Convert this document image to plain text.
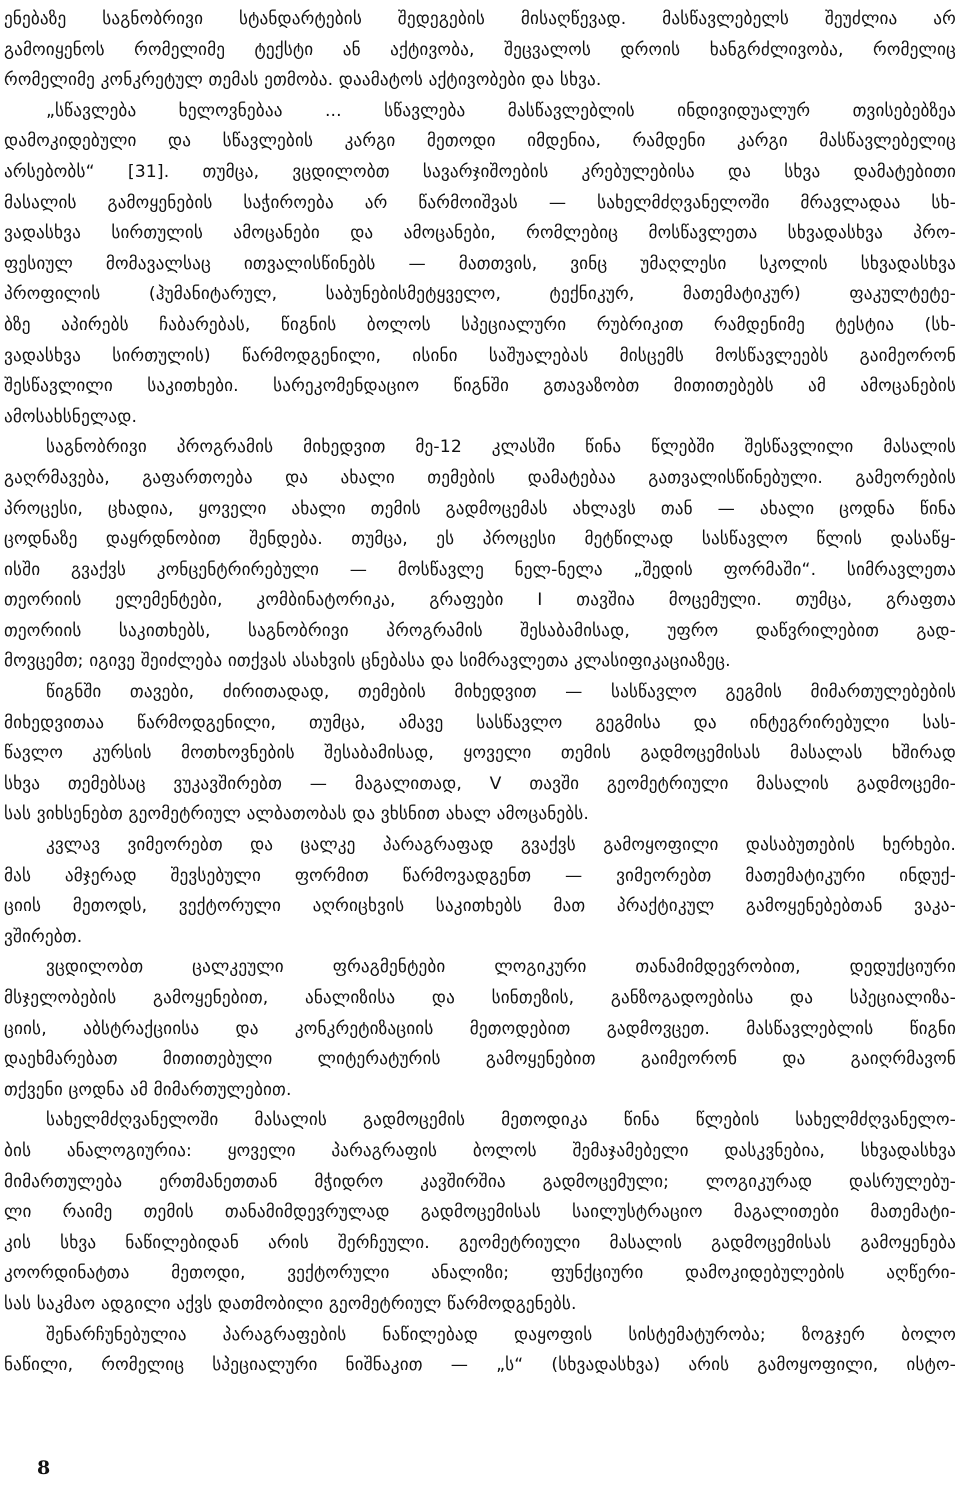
ენებაზე საგნობრივი სტანდარტების შედეგების მისაღწევად. მასწავლებელს შეუძლია არ
გამოიყენოს რომელიმე ტექსტი ან აქტივობა, შეცვალოს დროის ხანგრძლივობა, რომელიც
რომელიმე კონკრეტულ თემას ეთმობა. დაამატოს აქტივობები და სხვა.
„სწავლება ხელოვნებაა ... სწავლება მასწავლებლის ინდივიდუალურ თვისებებზეა
დამოკიდებული და სწავლების კარგი მეთოდი იმდენია, რამდენი კარგი მასწავლებელიც
არსებობს“ [31]. თუმცა, ვცდილობთ სავარჯიშოების კრებულებისა და სხვა დამატებითი
მასალის გამოყენების საჭიროება არ წარმოიშვას — სახელმძღვანელოში მრავლადაა სხ-
ვადასხვა სირთულის ამოცანები და ამოცანები, რომლებიც მოსწავლეთა სხვადასხვა პრო-
ფესიულ მომავალსაც ითვალისწინებს — მათთვის, ვინც უმაღლესი სკოლის სხვადასხვა
პროფილის (ჰუმანიტარულ, საბუნებისმეტყველო, ტექნიკურ, მათემატიკურ) ფაკულტეტე-
ბზე აპირებს ჩაბარებას, წიგნის ბოლოს სპეციალური რუბრიკით რამდენიმე ტესტია (სხ-
ვადასხვა სირთულის) წარმოდგენილი, ისინი საშუალებას მისცემს მოსწავლეებს გაიმეორონ
შესწავლილი საკითხები. სარეკომენდაციო წიგნში გთავაზობთ მითითებებს ამ ამოცანების
ამოსახსნელად.
საგნობრივი პროგრამის მიხედვით მე-12 კლასში წინა წლებში შესწავლილი მასალის
გაღრმავება, გაფართოება და ახალი თემების დამატებაა გათვალისწინებული. გამეორების
პროცესი, ცხადია, ყოველი ახალი თემის გადმოცემას ახლავს თან — ახალი ცოდნა წინა
ცოდნაზე დაყრდნობით შენდება. თუმცა, ეს პროცესი მეტწილად სასწავლო წლის დასაწყ-
ისში გვაქვს კონცენტრირებული — მოსწავლე ნელ-ნელა „შედის ფორმაში“. სიმრავლეთა
თეორიის ელემენტები, კომბინატორიკა, გრაფები I თავშია მოცემული. თუმცა, გრაფთა
თეორიის საკითხებს, საგნობრივი პროგრამის შესაბამისად, უფრო დაწვრილებით გად-
მოვცემთ; იგივე შეიძლება ითქვას ასახვის ცნებასა და სიმრავლეთა კლასიფიკაციაზეც.
წიგნში თავები, ძირითადად, თემების მიხედვით — სასწავლო გეგმის მიმართულებების
მიხედვითაა წარმოდგენილი, თუმცა, ამავე სასწავლო გეგმისა და ინტეგრირებული სას-
წავლო კურსის მოთხოვნების შესაბამისად, ყოველი თემის გადმოცემისას მასალას ხშირად
სხვა თემებსაც ვუკავშირებთ — მაგალითად, V თავში გეომეტრიული მასალის გადმოცემი-
სას ვიხსენებთ გეომეტრიულ ალბათობას და ვხსნით ახალ ამოცანებს.
კვლავ ვიმეორებთ და ცალკე პარაგრაფად გვაქვს გამოყოფილი დასაბუთების ხერხები.
მას ამჯერად შევსებული ფორმით წარმოვადგენთ — ვიმეორებთ მათემატიკური ინდუქ-
ციის მეთოდს, ვექტორული აღრიცხვის საკითხებს მათ პრაქტიკულ გამოყენებებთან ვაკა-
ვშირებთ.
ვცდილობთ ცალკეული ფრაგმენტები ლოგიკური თანამიმდევრობით, დედუქციური
მსჯელობების გამოყენებით, ანალიზისა და სინთეზის, განზოგადოებისა და სპეციალიზა-
ციის, აბსტრაქციისა და კონკრეტიზაციის მეთოდებით გადმოვცეთ. მასწავლებლის წიგნი
დაეხმარებათ მითითებული ლიტერატურის გამოყენებით გაიმეორონ და გაიღრმავონ
თქვენი ცოდნა ამ მიმართულებით.
სახელმძღვანელოში მასალის გადმოცემის მეთოდიკა წინა წლების სახელმძღვანელო-
ბის ანალოგიურია: ყოველი პარაგრაფის ბოლოს შემაჯამებელი დასკვნებია, სხვადასხვა
მიმართულება ერთმანეთთან მჭიდრო კავშირშია გადმოცემული; ლოგიკურად დასრულებუ-
ლი რაიმე თემის თანამიმდევრულად გადმოცემისას საილუსტრაციო მაგალითები მათემატი-
კის სხვა ნაწილებიდან არის შერჩეული. გეომეტრიული მასალის გადმოცემისას გამოყენება
კოორდინატთა მეთოდი, ვექტორული ანალიზი; ფუნქციური დამოკიდებულების აღწერი-
სას საკმაო ადგილი აქვს დათმობილი გეომეტრიულ წარმოდგენებს.
შენარჩუნებულია პარაგრაფების ნაწილებად დაყოფის სისტემატურობა; ზოგჯერ ბოლო
ნაწილი, რომელიც სპეციალური ნიშნაკით — „ს“ (სხვადასხვა) არის გამოყოფილი, ისტო-
8
